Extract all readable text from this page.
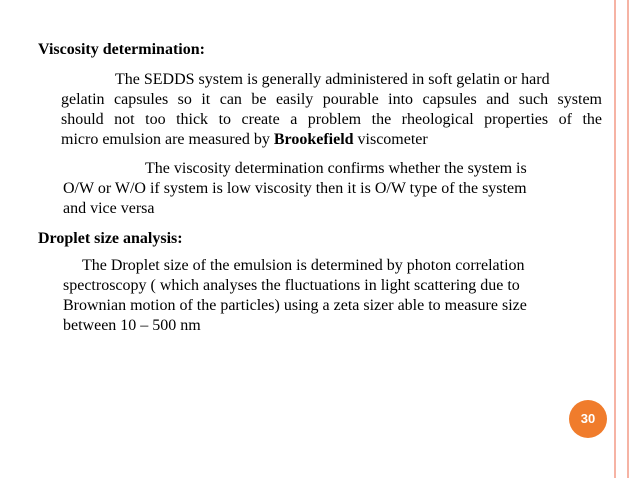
Viscosity determination:
The SEDDS system is generally administered in soft gelatin or hard
gelatin capsules so it can be easily pourable into capsules and such system
should not too thick to create a problem the rheological properties of the
micro emulsion are measured by Brookefield viscometer
The viscosity determination confirms whether the system is
O/W or W/O if system is low viscosity then it is O/W type of the system
and vice versa
Droplet size analysis:
The Droplet size of the emulsion is determined by photon correlation
spectroscopy ( which analyses the fluctuations in light scattering due to
Brownian motion of the particles) using a zeta sizer able to measure size
between 10 – 500 nm
30
